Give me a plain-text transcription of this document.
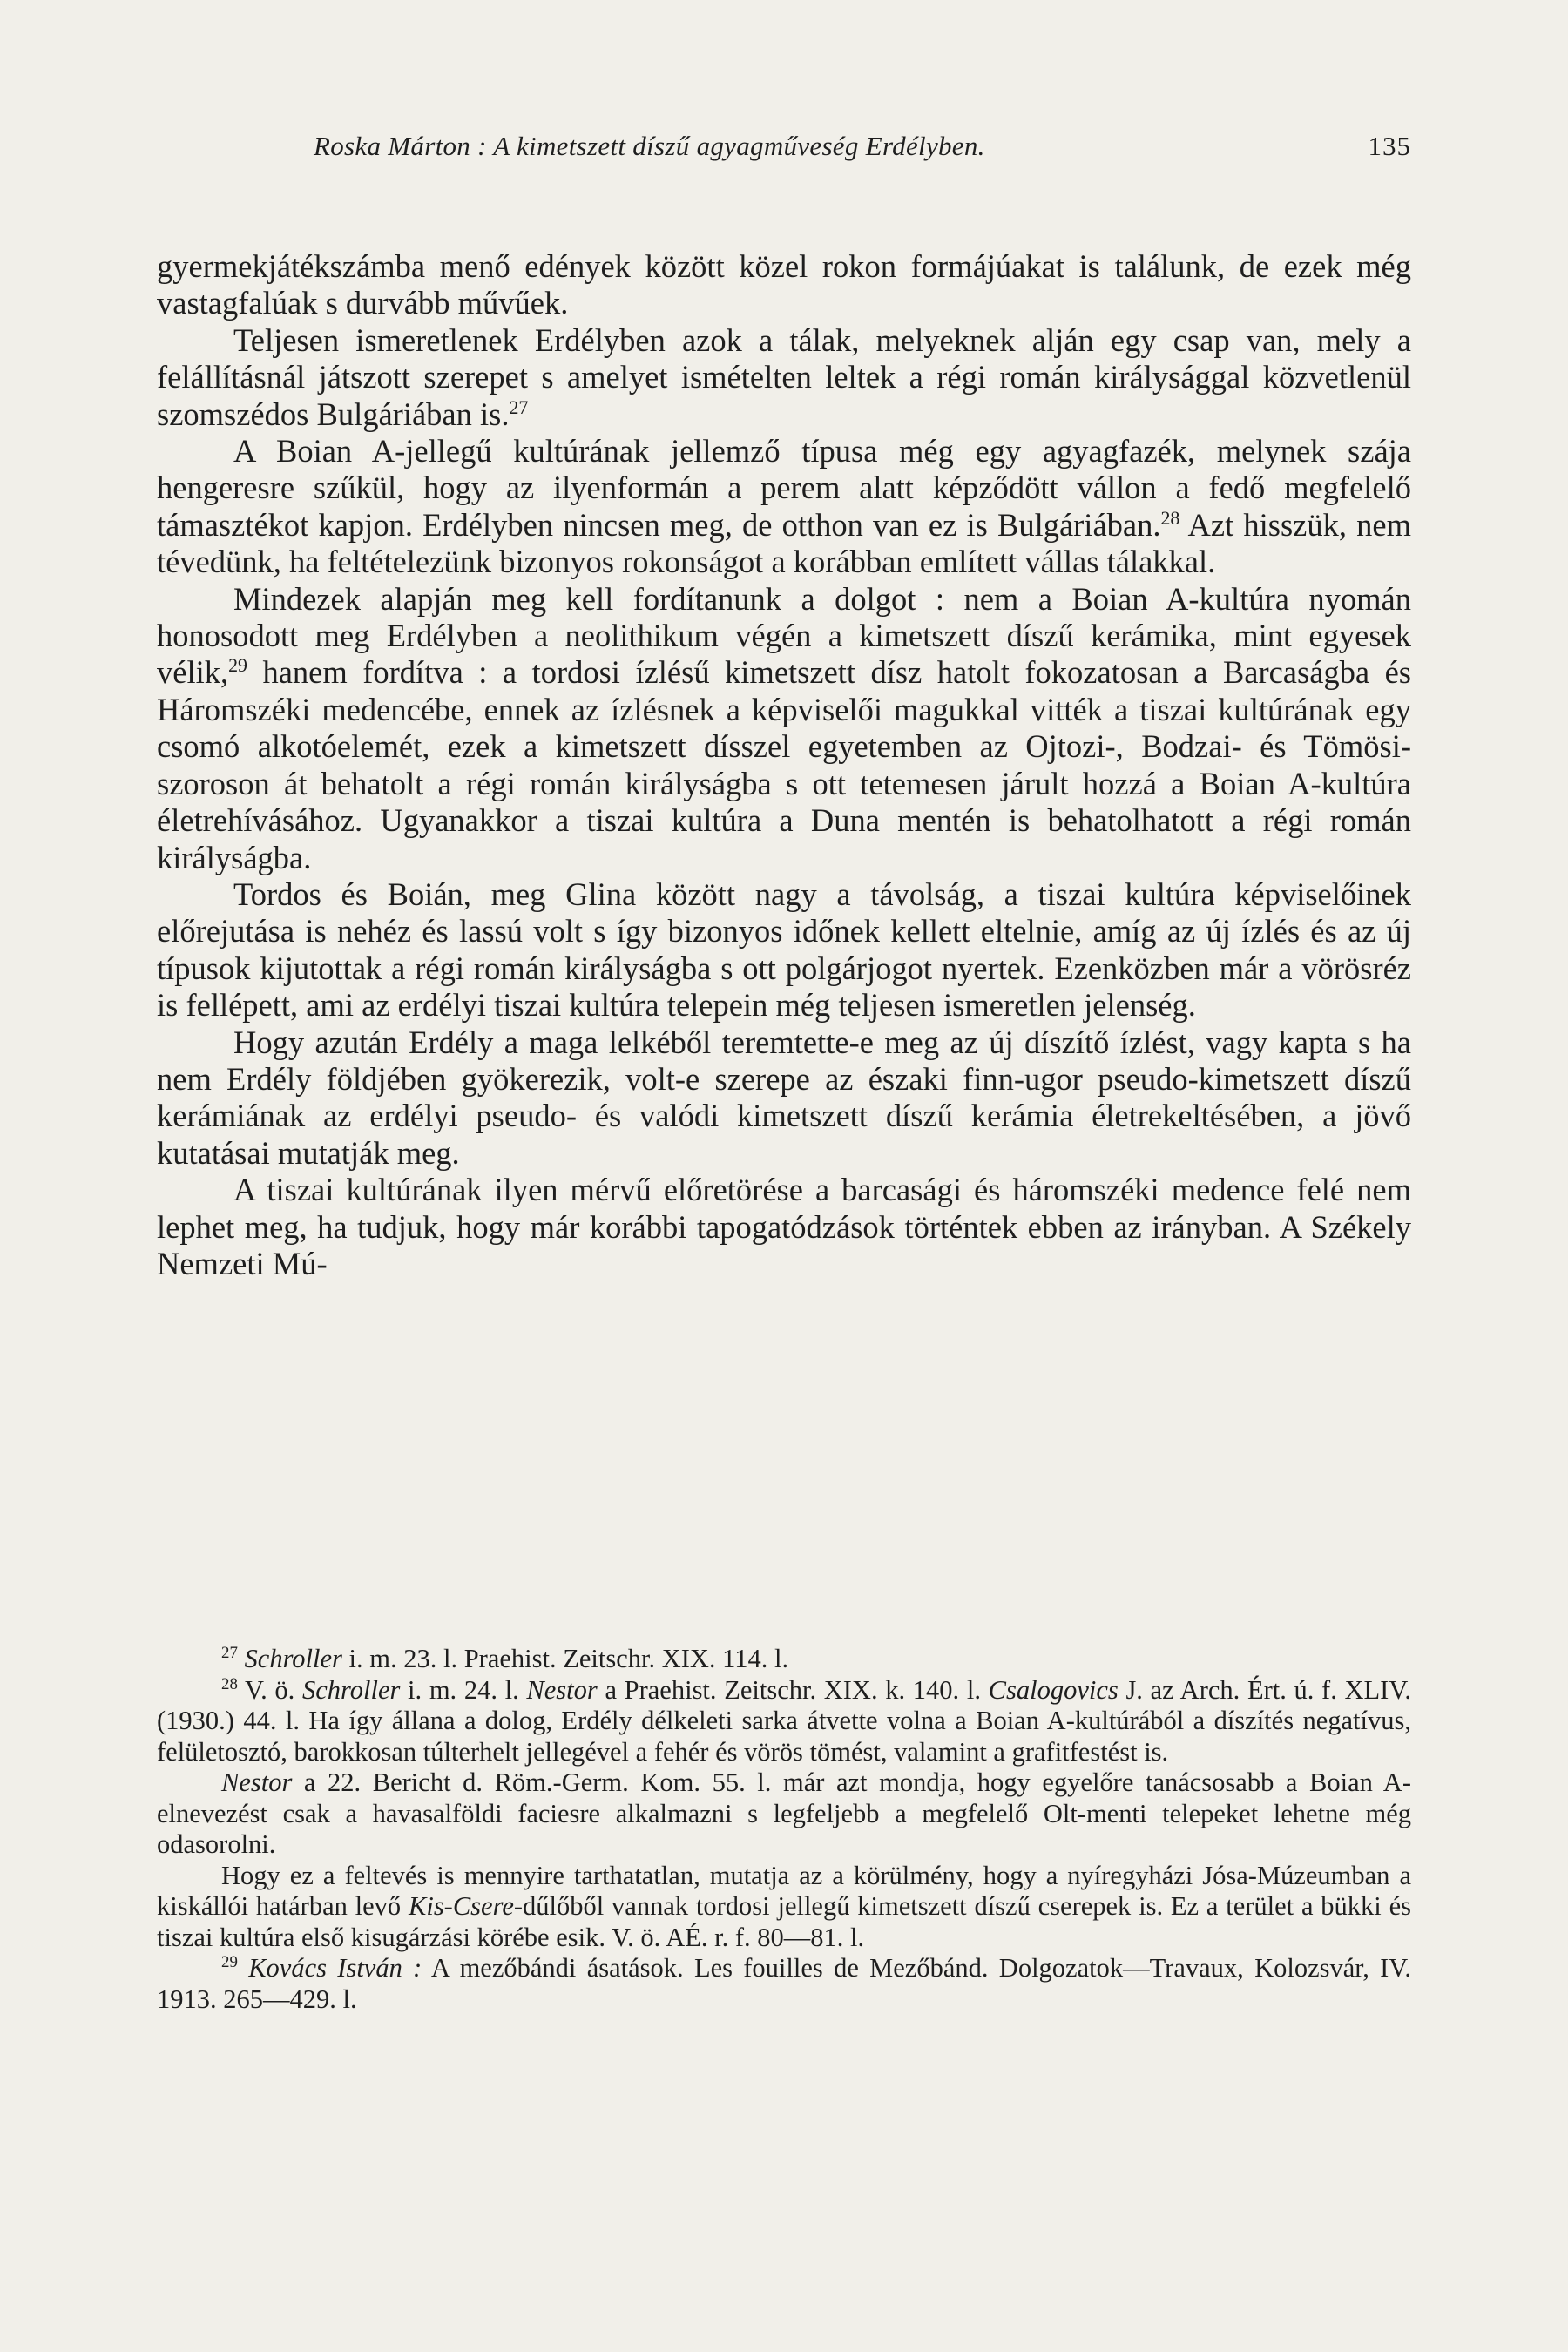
Roska Márton : A kimetszett díszű agyagműveség Erdélyben.	135

gyermekjátékszámba menő edények között közel rokon formájúakat is találunk, de ezek még vastagfalúak s durvább művűek.

Teljesen ismeretlenek Erdélyben azok a tálak, melyeknek alján egy csap van, mely a felállításnál játszott szerepet s amelyet ismételten leltek a régi román királysággal közvetlenül szomszédos Bulgáriában is.$^{27}$

A Boian A-jellegű kultúrának jellemző típusa még egy agyagfazék, melynek szája hengeresre szűkül, hogy az ilyenformán a perem alatt képződött vállon a fedő megfelelő támasztékot kapjon. Erdélyben nincsen meg, de otthon van ez is Bulgáriában.$^{28}$ Azt hisszük, nem tévedünk, ha feltételezünk bizonyos rokonságot a korábban említett vállas tálakkal.

Mindezek alapján meg kell fordítanunk a dolgot : nem a Boian A-kultúra nyomán honosodott meg Erdélyben a neolithikum végén a kimetszett díszű kerámika, mint egyesek vélik,$^{29}$ hanem fordítva : a tordosi ízlésű kimetszett dísz hatolt fokozatosan a Barcaságba és Háromszéki medencébe, ennek az ízlésnek a képviselői magukkal vitték a tiszai kultúrának egy csomó alkotóelemét, ezek a kimetszett dísszel egyetemben az Ojtozi-, Bodzai- és Tömösi-szoroson át behatolt a régi román királyságba s ott tetemesen járult hozzá a Boian A-kultúra életrehívásához. Ugyanakkor a tiszai kultúra a Duna mentén is behatolhatott a régi román királyságba.

Tordos és Boián, meg Glina között nagy a távolság, a tiszai kultúra képviselőinek előrejutása is nehéz és lassú volt s így bizonyos időnek kellett eltelnie, amíg az új ízlés és az új típusok kijutottak a régi román királyságba s ott polgárjogot nyertek. Ezenközben már a vörösréz is fellépett, ami az erdélyi tiszai kultúra telepein még teljesen ismeretlen jelenség.

Hogy azután Erdély a maga lelkéből teremtette-e meg az új díszítő ízlést, vagy kapta s ha nem Erdély földjében gyökerezik, volt-e szerepe az északi finn-ugor pseudo-kimetszett díszű kerámiának az erdélyi pseudo- és valódi kimetszett díszű kerámia életrekeltésében, a jövő kutatásai mutatják meg.

A tiszai kultúrának ilyen mérvű előretörése a barcasági és háromszéki medence felé nem lephet meg, ha tudjuk, hogy már korábbi tapogatódzások történtek ebben az irányban. A Székely Nemzeti Mú-

$^{27}$ Schroller i. m. 23. l. Praehist. Zeitschr. XIX. 114. l.

$^{28}$ V. ö. Schroller i. m. 24. l. Nestor a Praehist. Zeitschr. XIX. k. 140. l. Csalogovics J. az Arch. Ért. ú. f. XLIV. (1930.) 44. l. Ha így állana a dolog, Erdély délkeleti sarka átvette volna a Boian A-kultúrából a díszítés negatívus, felületosztó, barokkosan túlterhelt jellegével a fehér és vörös tömést, valamint a grafitfestést is.

Nestor a 22. Bericht d. Röm.-Germ. Kom. 55. l. már azt mondja, hogy egyelőre tanácsosabb a Boian A-elnevezést csak a havasalföldi faciesre alkalmazni s legfeljebb a megfelelő Olt-menti telepeket lehetne még odasorolni.

Hogy ez a feltevés is mennyire tarthatatlan, mutatja az a körülmény, hogy a nyíregyházi Jósa-Múzeumban a kiskállói határban levő Kis-Csere-dűlőből vannak tordosi jellegű kimetszett díszű cserepek is. Ez a terület a bükki és tiszai kultúra első kisugárzási körébe esik. V. ö. AÉ. r. f. 80—81. l.

$^{29}$ Kovács István : A mezőbándi ásatások. Les fouilles de Mezőbánd. Dolgozatok—Travaux, Kolozsvár, IV. 1913. 265—429. l.
